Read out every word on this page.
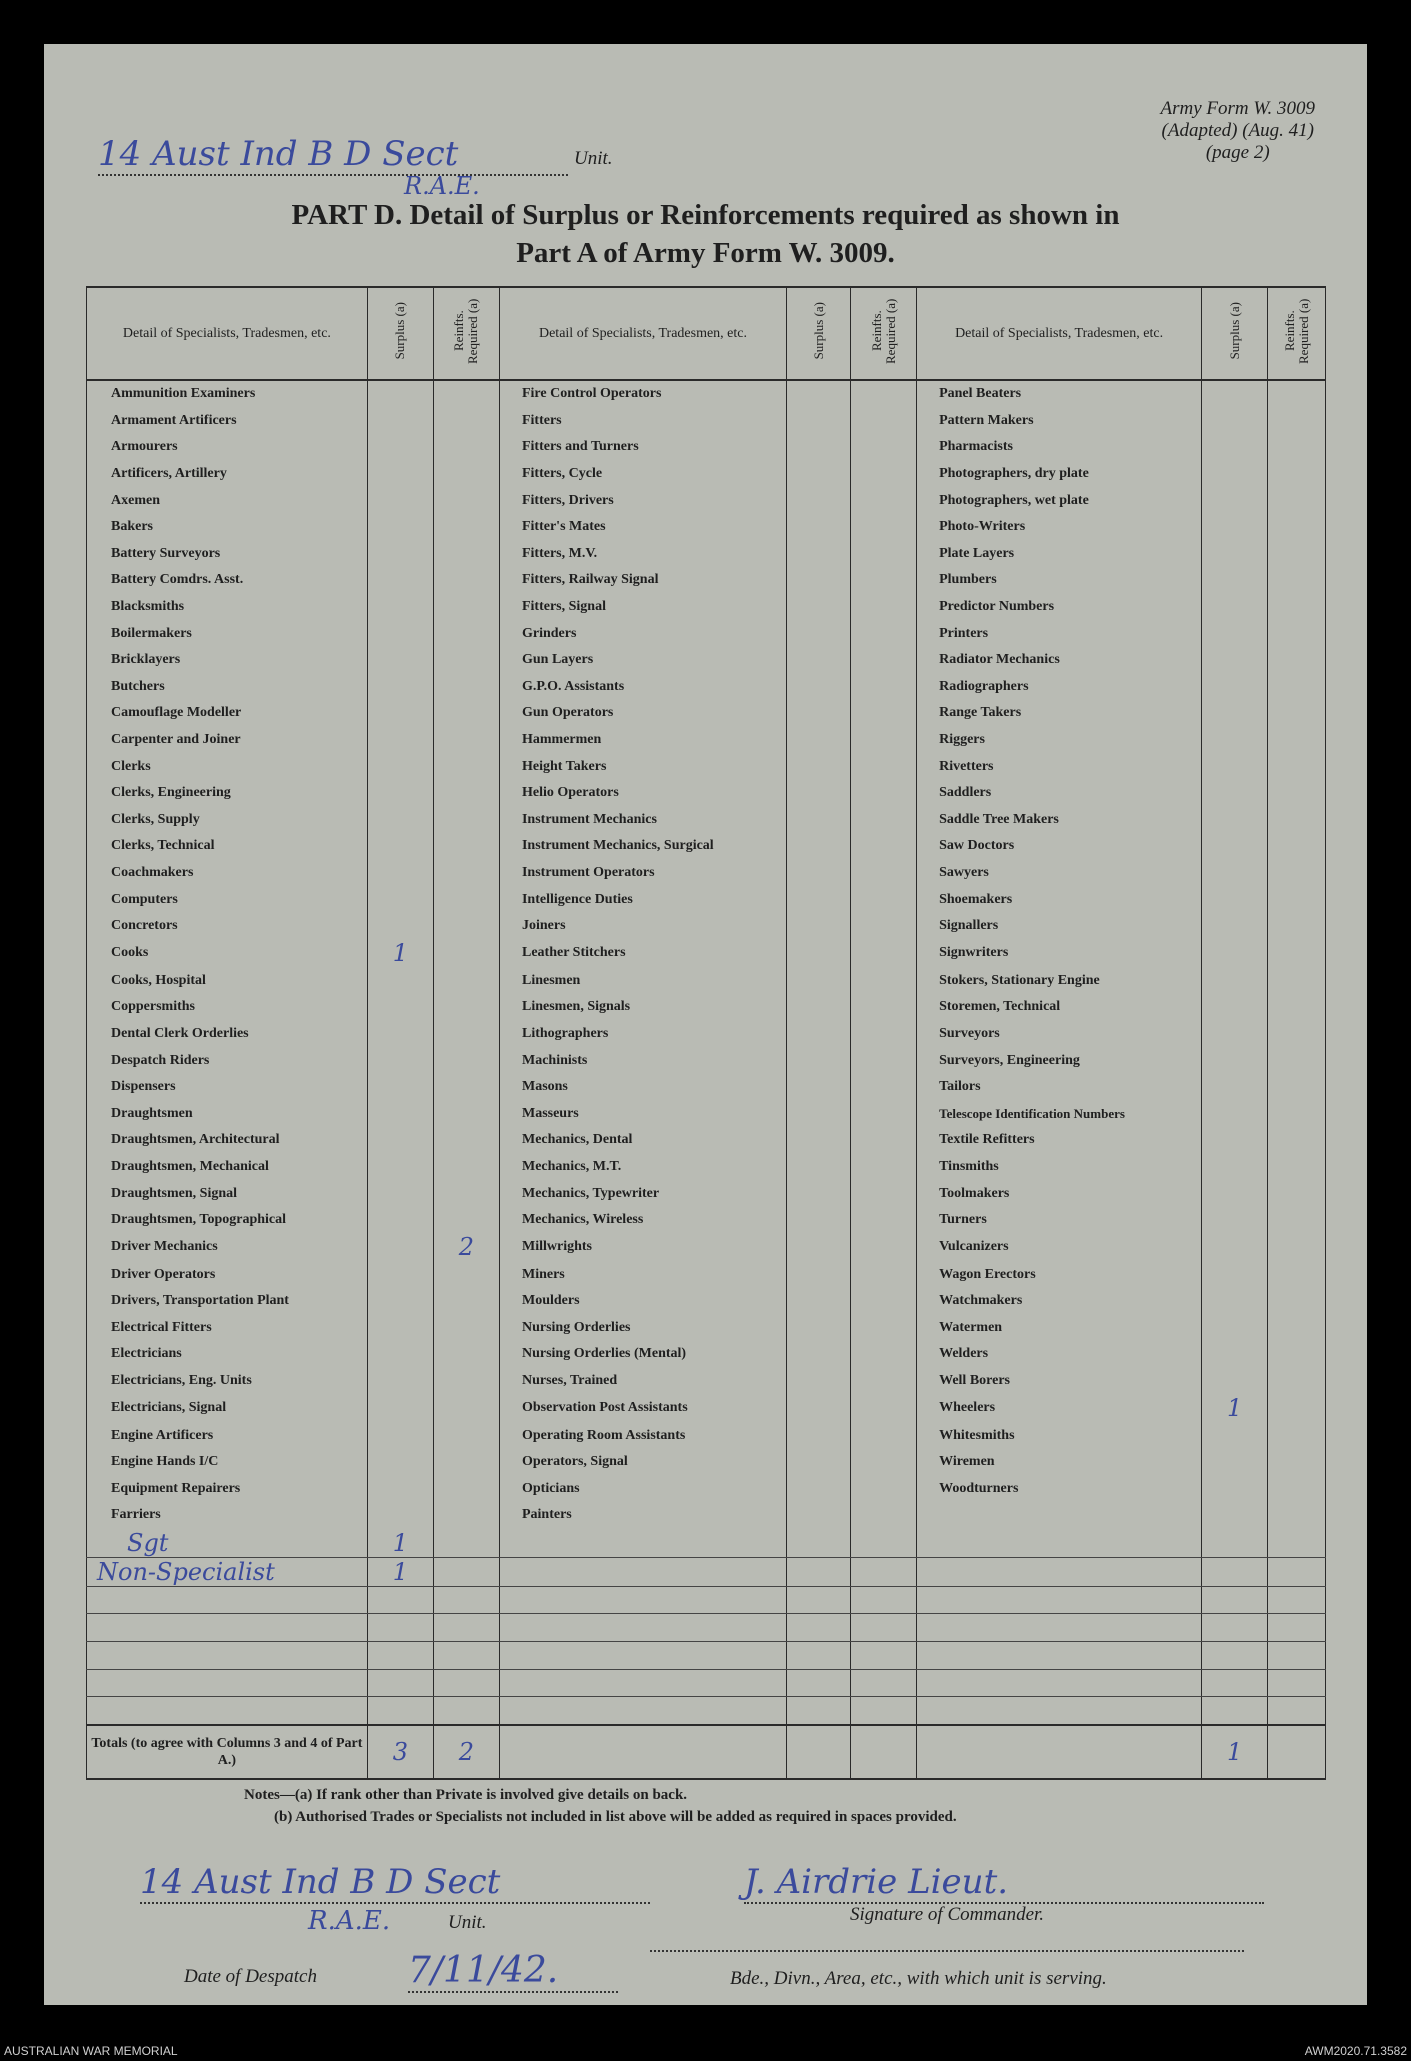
Army Form W. 3009
(Adapted) (Aug. 41)
(page 2)
14 Aust Ind B D Sect	Unit.
R.A.E.
PART D. Detail of Surplus or Reinforcements required as shown in
Part A of Army Form W. 3009.
Detail of Specialists, Tradesmen, etc.	Surplus (a)	Reinfts. Required (a)	Detail of Specialists, Tradesmen, etc.	Surplus (a)	Reinfts. Required (a)	Detail of Specialists, Tradesmen, etc.	Surplus (a)	Reinfts. Required (a)
Ammunition Examiners			Fire Control Operators			Panel Beaters		
Armament Artificers			Fitters			Pattern Makers		
Armourers			Fitters and Turners			Pharmacists		
Artificers, Artillery			Fitters, Cycle			Photographers, dry plate		
Axemen			Fitters, Drivers			Photographers, wet plate		
Bakers			Fitter's Mates			Photo-Writers		
Battery Surveyors			Fitters, M.V.			Plate Layers		
Battery Comdrs. Asst.			Fitters, Railway Signal			Plumbers		
Blacksmiths			Fitters, Signal			Predictor Numbers		
Boilermakers			Grinders			Printers		
Bricklayers			Gun Layers			Radiator Mechanics		
Butchers			G.P.O. Assistants			Radiographers		
Camouflage Modeller			Gun Operators			Range Takers		
Carpenter and Joiner			Hammermen			Riggers		
Clerks			Height Takers			Rivetters		
Clerks, Engineering			Helio Operators			Saddlers		
Clerks, Supply			Instrument Mechanics			Saddle Tree Makers		
Clerks, Technical			Instrument Mechanics, Surgical			Saw Doctors		
Coachmakers			Instrument Operators			Sawyers		
Computers			Intelligence Duties			Shoemakers		
Concretors			Joiners			Signallers		
Cooks	1		Leather Stitchers			Signwriters		
Cooks, Hospital			Linesmen			Stokers, Stationary Engine		
Coppersmiths			Linesmen, Signals			Storemen, Technical		
Dental Clerk Orderlies			Lithographers			Surveyors		
Despatch Riders			Machinists			Surveyors, Engineering		
Dispensers			Masons			Tailors		
Draughtsmen			Masseurs			Telescope Identification Numbers		
Draughtsmen, Architectural			Mechanics, Dental			Textile Refitters		
Draughtsmen, Mechanical			Mechanics, M.T.			Tinsmiths		
Draughtsmen, Signal			Mechanics, Typewriter			Toolmakers		
Draughtsmen, Topographical			Mechanics, Wireless			Turners		
Driver Mechanics		2	Millwrights			Vulcanizers		
Driver Operators			Miners			Wagon Erectors		
Drivers, Transportation Plant			Moulders			Watchmakers		
Electrical Fitters			Nursing Orderlies			Watermen		
Electricians			Nursing Orderlies (Mental)			Welders		
Electricians, Eng. Units			Nurses, Trained			Well Borers		
Electricians, Signal			Observation Post Assistants			Wheelers	1	
Engine Artificers			Operating Room Assistants			Whitesmiths		
Engine Hands I/C			Operators, Signal			Wiremen		
Equipment Repairers			Opticians			Woodturners		
Farriers			Painters					
Sgt	1							
Non-Specialist	1							

Totals (to agree with Columns 3 and 4 of Part A.)	3	2					1	
Notes—(a) If rank other than Private is involved give details on back.
(b) Authorised Trades or Specialists not included in list above will be added as required in spaces provided.
14 Aust Ind B D Sect
R.A.E.	Unit.
J. Airdrie Lieut.
Signature of Commander.
Date of Despatch	7/11/42.	Bde., Divn., Area, etc., with which unit is serving.
AUSTRALIAN WAR MEMORIAL	AWM2020.71.3582
